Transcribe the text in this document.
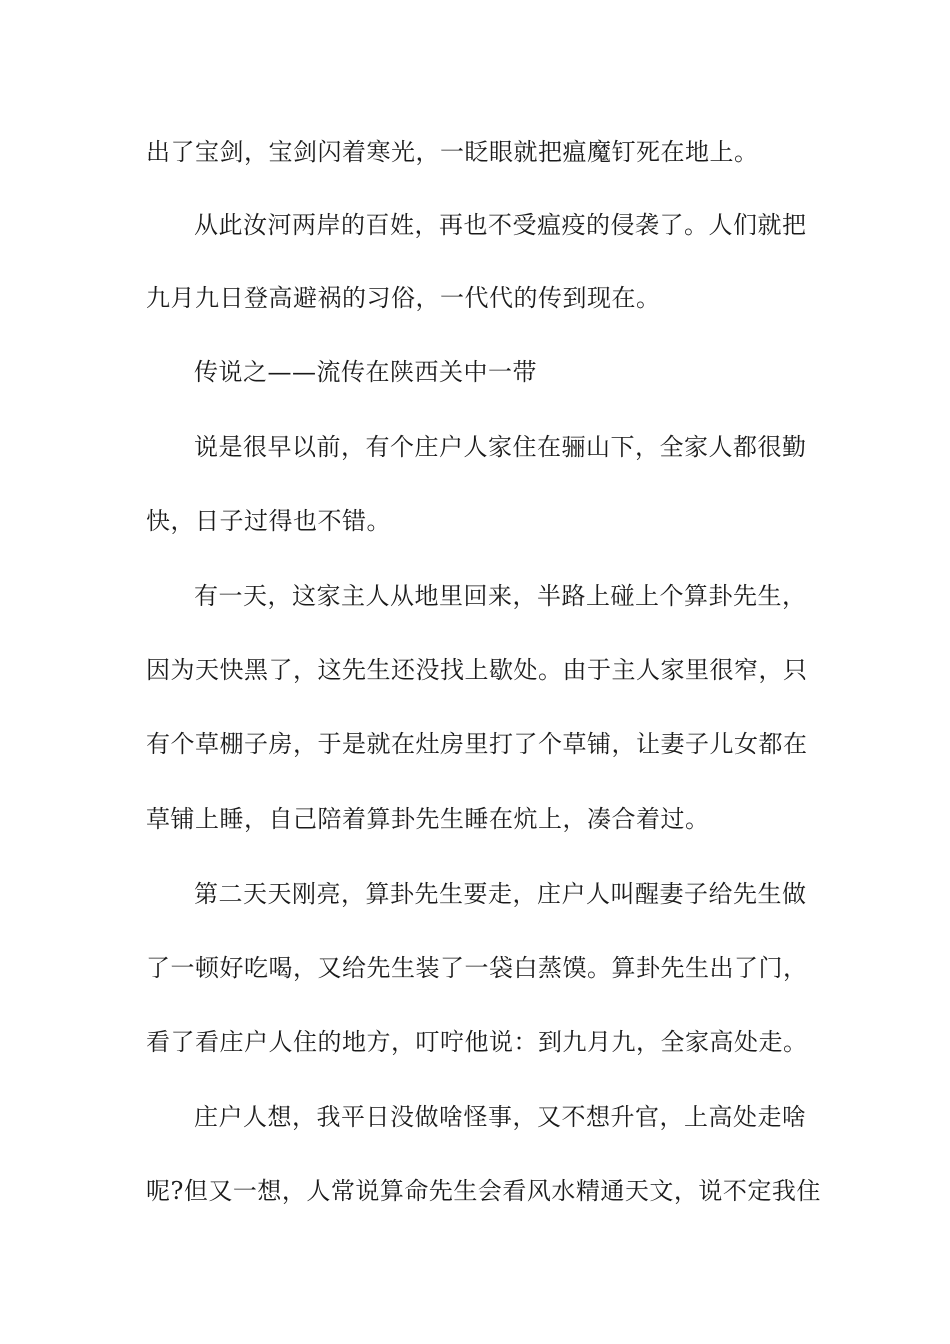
出了宝剑，宝剑闪着寒光，一眨眼就把瘟魔钉死在地上。
从此汝河两岸的百姓，再也不受瘟疫的侵袭了。人们就把
九月九日登高避祸的习俗，一代代的传到现在。
传说之——流传在陕西关中一带
说是很早以前，有个庄户人家住在骊山下，全家人都很勤
快，日子过得也不错。
有一天，这家主人从地里回来，半路上碰上个算卦先生，
因为天快黑了，这先生还没找上歇处。由于主人家里很窄，只
有个草棚子房，于是就在灶房里打了个草铺，让妻子儿女都在
草铺上睡，自己陪着算卦先生睡在炕上，凑合着过。
第二天天刚亮，算卦先生要走，庄户人叫醒妻子给先生做
了一顿好吃喝，又给先生装了一袋白蒸馍。算卦先生出了门，
看了看庄户人住的地方，叮咛他说：到九月九，全家高处走。
庄户人想，我平日没做啥怪事，又不想升官，上高处走啥
呢?但又一想，人常说算命先生会看风水精通天文，说不定我住
